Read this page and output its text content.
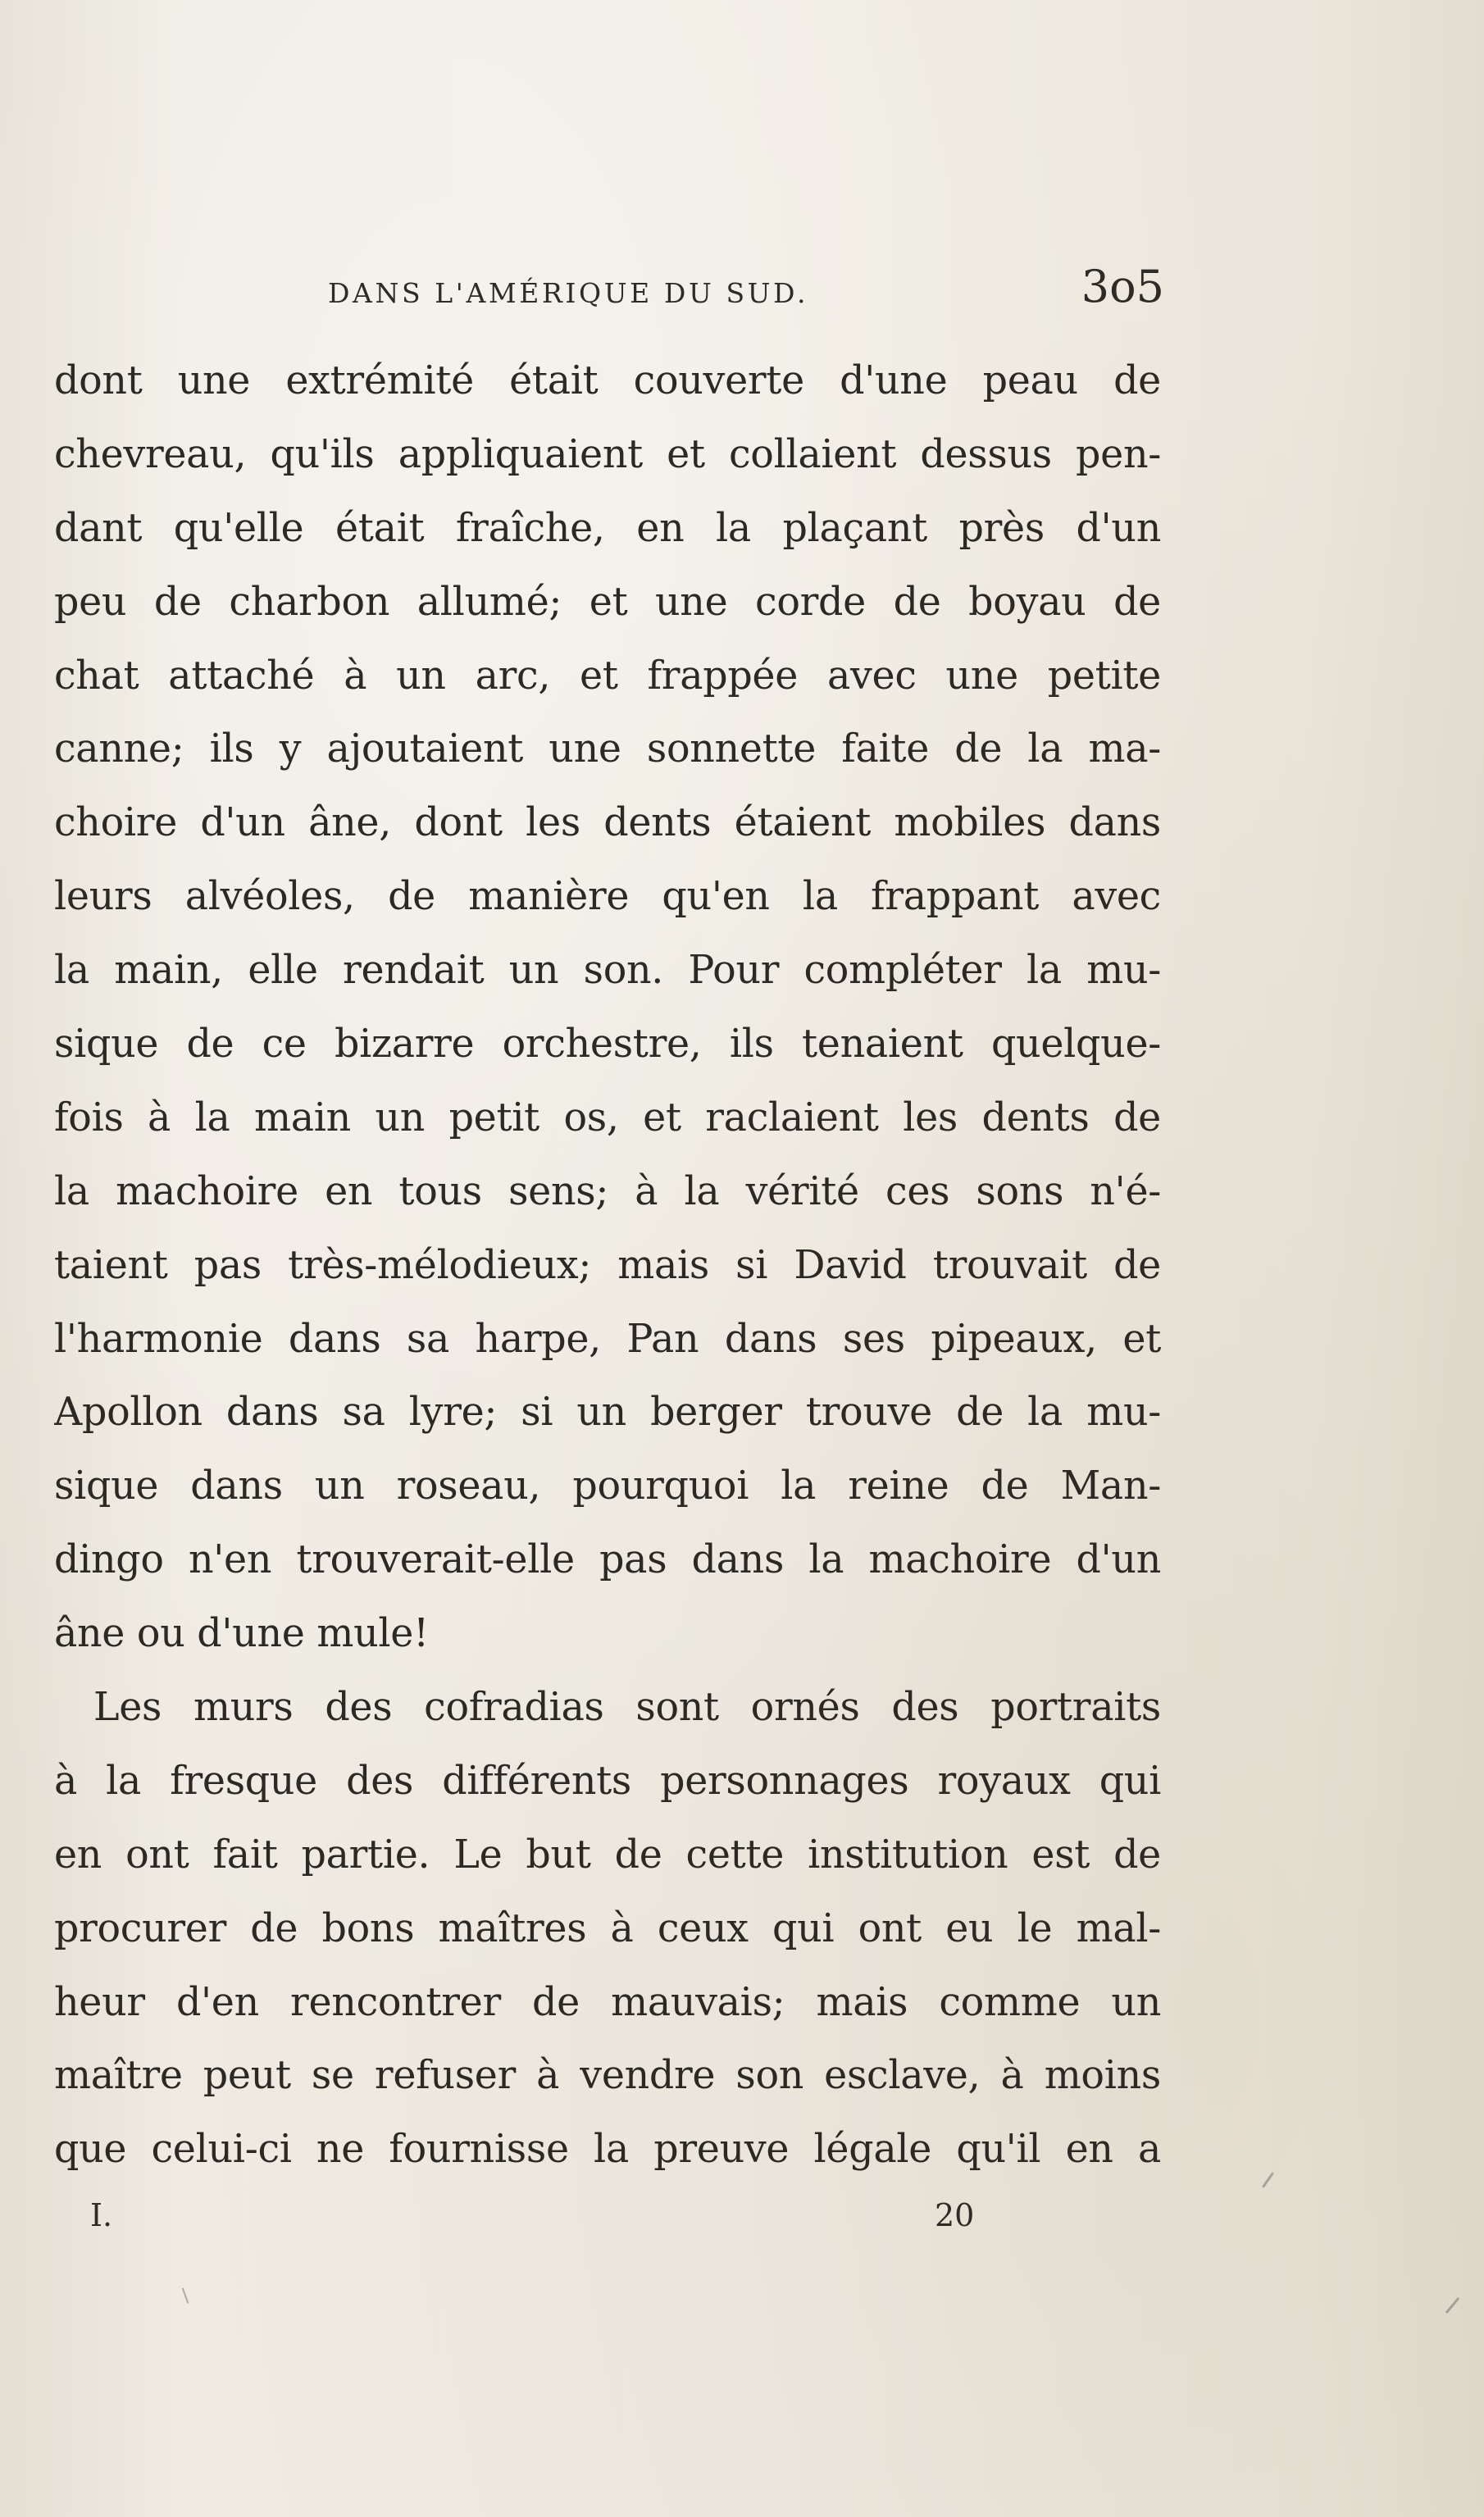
DANS L'AMÉRIQUE DU SUD.	3o5
dont une extrémité était couverte d'une peau de
chevreau, qu'ils appliquaient et collaient dessus pen-
dant qu'elle était fraîche, en la plaçant près d'un
peu de charbon allumé; et une corde de boyau de
chat attaché à un arc, et frappée avec une petite
canne; ils y ajoutaient une sonnette faite de la ma-
choire d'un âne, dont les dents étaient mobiles dans
leurs alvéoles, de manière qu'en la frappant avec
la main, elle rendait un son. Pour compléter la mu-
sique de ce bizarre orchestre, ils tenaient quelque-
fois à la main un petit os, et raclaient les dents de
la machoire en tous sens; à la vérité ces sons n'é-
taient pas très-mélodieux; mais si David trouvait de
l'harmonie dans sa harpe, Pan dans ses pipeaux, et
Apollon dans sa lyre; si un berger trouve de la mu-
sique dans un roseau, pourquoi la reine de Man-
dingo n'en trouverait-elle pas dans la machoire d'un
âne ou d'une mule!
Les murs des cofradias sont ornés des portraits
à la fresque des différents personnages royaux qui
en ont fait partie. Le but de cette institution est de
procurer de bons maîtres à ceux qui ont eu le mal-
heur d'en rencontrer de mauvais; mais comme un
maître peut se refuser à vendre son esclave, à moins
que celui-ci ne fournisse la preuve légale qu'il en a
I.	20
